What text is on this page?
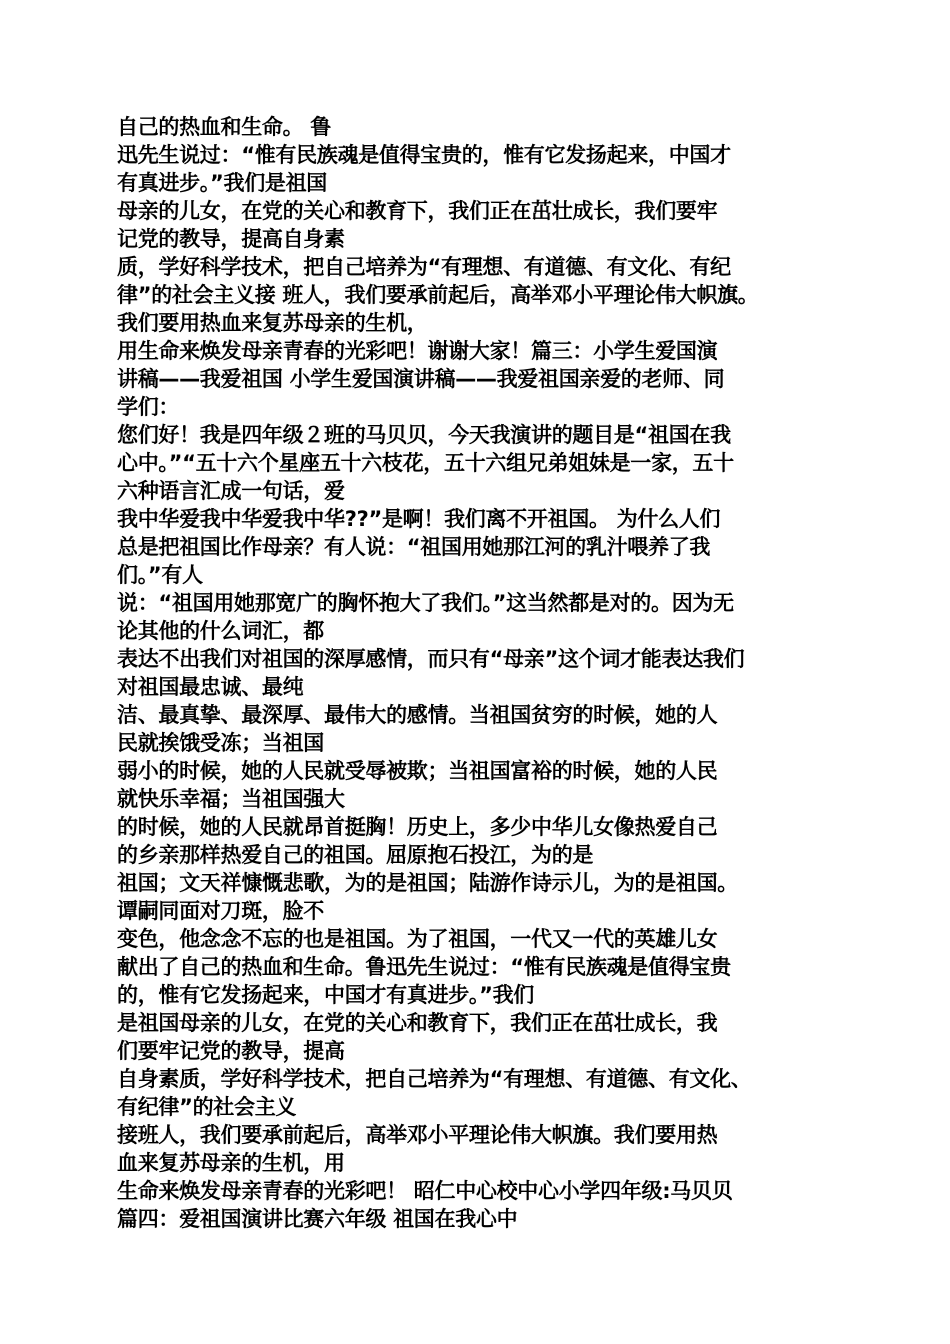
自己的热血和生命。 鲁
迅先生说过：“惟有民族魂是值得宝贵的，惟有它发扬起来，中国才
有真进步。”我们是祖国
母亲的儿女，在党的关心和教育下，我们正在茁壮成长，我们要牢
记党的教导，提高自身素
质，学好科学技术，把自己培养为“有理想、有道德、有文化、有纪
律”的社会主义接 班人，我们要承前起后，高举邓小平理论伟大帜旗。
我们要用热血来复苏母亲的生机，
用生命来焕发母亲青春的光彩吧！谢谢大家！篇三：小学生爱国演
讲稿——我爱祖国 小学生爱国演讲稿——我爱祖国亲爱的老师、同
学们：
您们好！我是四年级２班的马贝贝，今天我演讲的题目是“祖国在我
心中。”“五十六个星座五十六枝花，五十六组兄弟姐妹是一家，五十
六种语言汇成一句话，爱
我中华爱我中华爱我中华??”是啊！我们离不开祖国。 为什么人们
总是把祖国比作母亲？有人说：“祖国用她那江河的乳汁喂养了我
们。”有人
说：“祖国用她那宽广的胸怀抱大了我们。”这当然都是对的。因为无
论其他的什么词汇，都
表达不出我们对祖国的深厚感情，而只有“母亲”这个词才能表达我们
对祖国最忠诚、最纯
洁、最真挚、最深厚、最伟大的感情。当祖国贫穷的时候，她的人
民就挨饿受冻；当祖国
弱小的时候，她的人民就受辱被欺；当祖国富裕的时候，她的人民
就快乐幸福；当祖国强大
的时候，她的人民就昂首挺胸！历史上，多少中华儿女像热爱自己
的乡亲那样热爱自己的祖国。屈原抱石投江，为的是
祖国；文天祥慷慨悲歌，为的是祖国；陆游作诗示儿，为的是祖国。
谭嗣同面对刀斑，脸不
变色，他念念不忘的也是祖国。为了祖国，一代又一代的英雄儿女
献出了自己的热血和生命。鲁迅先生说过：“惟有民族魂是值得宝贵
的，惟有它发扬起来，中国才有真进步。”我们
是祖国母亲的儿女，在党的关心和教育下，我们正在茁壮成长，我
们要牢记党的教导，提高
自身素质，学好科学技术，把自己培养为“有理想、有道德、有文化、
有纪律”的社会主义
接班人，我们要承前起后，高举邓小平理论伟大帜旗。我们要用热
血来复苏母亲的生机，用
生命来焕发母亲青春的光彩吧！ 昭仁中心校中心小学四年级:马贝贝
篇四：爱祖国演讲比赛六年级 祖国在我心中
